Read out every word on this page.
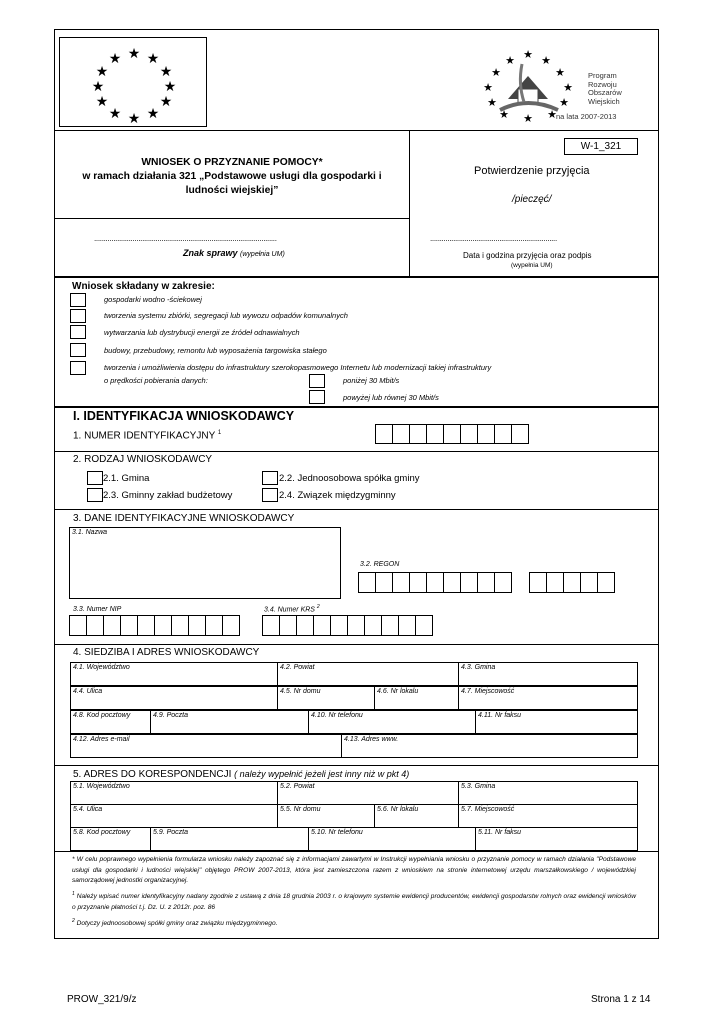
★ ★
★
★
★
★
★
★
★
★
★
★	★
★ ★
★	★
★	★
★	★
★	★
★
Program
Rozwoju
Obszarów
Wiejskich
na lata 2007-2013
W-1_321
WNIOSEK O PRZYZNANIE POMOCY*
w ramach działania 321 „Podstawowe usługi dla gospodarki i
ludności wiejskiej”
Potwierdzenie przyjęcia
/pieczęć/
...............................................................................................
Znak sprawy (wypełnia UM)
..................................................................
Data i godzina przyjęcia oraz podpis
(wypełnia UM)
Wniosek składany w zakresie:
gospodarki wodno -ściekowej
tworzenia systemu zbiórki, segregacji lub wywozu odpadów komunalnych
wytwarzania lub dystrybucji energii ze źródeł odnawialnych
budowy, przebudowy, remontu lub wyposażenia targowiska stałego
tworzenia i umożliwienia dostępu do infrastruktury szerokopasmowego Internetu lub modernizacji takiej infrastruktury
o prędkości pobierania danych:	poniżej 30 Mbit/s
powyżej lub równej 30 Mbit/s
I. IDENTYFIKACJA WNIOSKODAWCY
1. NUMER IDENTYFIKACYJNY $^1$
2. RODZAJ WNIOSKODAWCY
2.1. Gmina	2.2. Jednoosobowa spółka gminy
2.3. Gminny zakład budżetowy	2.4. Związek międzygminny
3. DANE IDENTYFIKACYJNE WNIOSKODAWCY
3.1. Nazwa
3.2. REGON
3.3. Numer NIP	3.4. Numer KRS $^2$
4. SIEDZIBA I ADRES WNIOSKODAWCY
4.1. Województwo	4.2. Powiat	4.3. Gmina
4.4. Ulica	4.5. Nr domu	4.6. Nr lokalu	4.7. Miejscowość
4.8. Kod pocztowy	4.9. Poczta	4.10. Nr telefonu	4.11. Nr faksu
4.12. Adres e-mail	4.13. Adres www.
5. ADRES DO KORESPONDENCJI ( należy wypełnić jeżeli jest inny niż w pkt 4)
5.1. Województwo	5.2. Powiat	5.3. Gmina
5.4. Ulica	5.5. Nr domu	5.6. Nr lokalu	5.7. Miejscowość
5.8. Kod pocztowy	5.9. Poczta	5.10. Nr telefonu	5.11. Nr faksu
* W celu poprawnego wypełnienia formularza wniosku należy zapoznać się z informacjami zawartymi w Instrukcji wypełniania wniosku o przyznanie pomocy w ramach działania "Podstawowe usługi dla gospodarki i ludności wiejskiej" objętego PROW 2007-2013, która jest zamieszczona razem z wnioskiem na stronie internetowej urzędu marszałkowskiego / wojewódzkiej samorządowej jednostki organizacyjnej.
$^1$ Należy wpisać numer identyfikacyjny nadany zgodnie z ustawą z dnia 18 grudnia 2003 r. o krajowym systemie ewidencji producentów, ewidencji gospodarstw rolnych oraz ewidencji wniosków o przyznanie płatności t.j. Dz. U. z 2012r. poz. 86
$^2$ Dotyczy jednoosobowej spółki gminy oraz związku międzygminnego.
PROW_321/9/z	Strona 1 z 14
